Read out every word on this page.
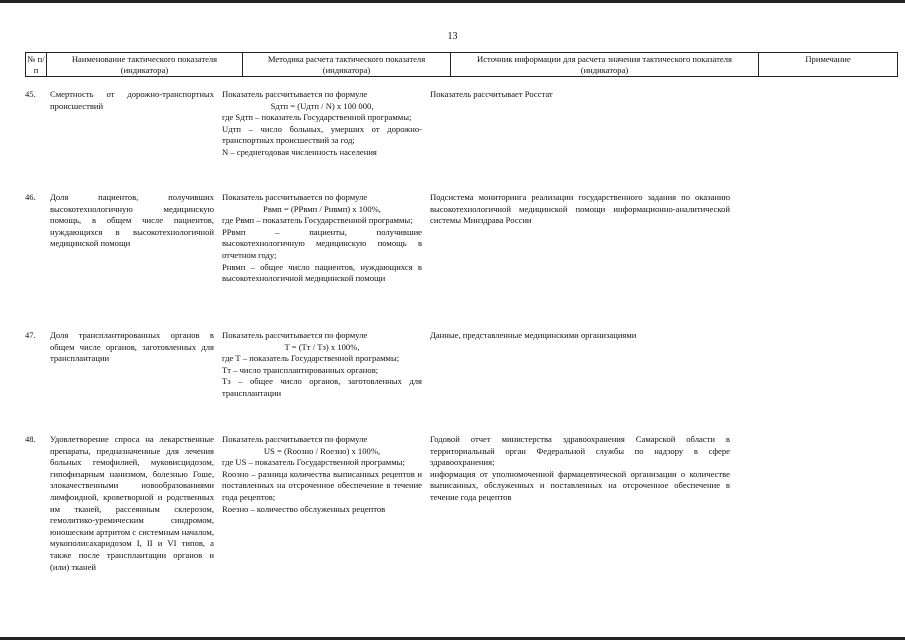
13
№ п/п
Наименование тактического показателя (индикатора)
Методика расчета тактического показателя (индикатора)
Источник информации для расчета значения тактического показателя (индикатора)
Примечание
45. Смертность от дорожно-транспортных происшествий
Показатель рассчитывается по формуле
Sдтп = (Uдтп / N) x 100 000,
где Sдтп – показатель Государственной программы;
Uдтп – число больных, умерших от дорожно-транспортных происшествий за год;
N – среднегодовая численность населения
Показатель рассчитывает Росстат
46. Доля пациентов, получивших высокотехнологичную медицинскую помощь, в общем числе пациентов, нуждающихся в высокотехнологичной медицинской помощи
Показатель рассчитывается по формуле
Pвмп = (PPвмп / Pнвмп) x 100%,
где Pвмп – показатель Государственной программы;
PPвмп – пациенты, получившие высокотехнологичную медицинскую помощь в отчетном году;
Pнвмп – общее число пациентов, нуждающихся в высокотехнологичной медицинской помощи
Подсистема мониторинга реализации государственного задания по оказанию высокотехнологичной медицинской помощи информационно-аналитической системы Минздрава России
47. Доля трансплантированных органов в общем числе органов, заготовленных для трансплантации
Показатель рассчитывается по формуле
T = (Tт / Tз) x 100%,
где Т – показатель Государственной программы;
Тт – число трансплантированных органов;
Тз – общее число органов, заготовленных для трансплантации
Данные, представленные медицинскими организациями
48. Удовлетворение спроса на лекарственные препараты, предназначенные для лечения больных гемофилией, муковисцидозом, гипофизарным нанизмом, болезнью Гоше, злокачественными новообразованиями лимфоидной, кроветворной и родственных им тканей, рассеянным склерозом, гемолитико-уремическим синдромом, юношеским артритом с системным началом, мукополисахаридозом I, II и VI типов, а также после трансплантации органов и (или) тканей
Показатель рассчитывается по формуле
US = (Rоозно / Rоезно) x 100%,
где US – показатель Государственной программы;
Rоозно – разница количества выписанных рецептов и поставленных на отсроченное обеспечение в течение года рецептов;
Rоезно – количество обслуженных рецептов
Годовой отчет министерства здравоохранения Самарской области в территориальный орган Федеральной службы по надзору в сфере здравоохранения;
информация от уполномоченной фармацевтической организации о количестве выписанных, обслуженных и поставленных на отсроченное обеспечение в течение года рецептов
